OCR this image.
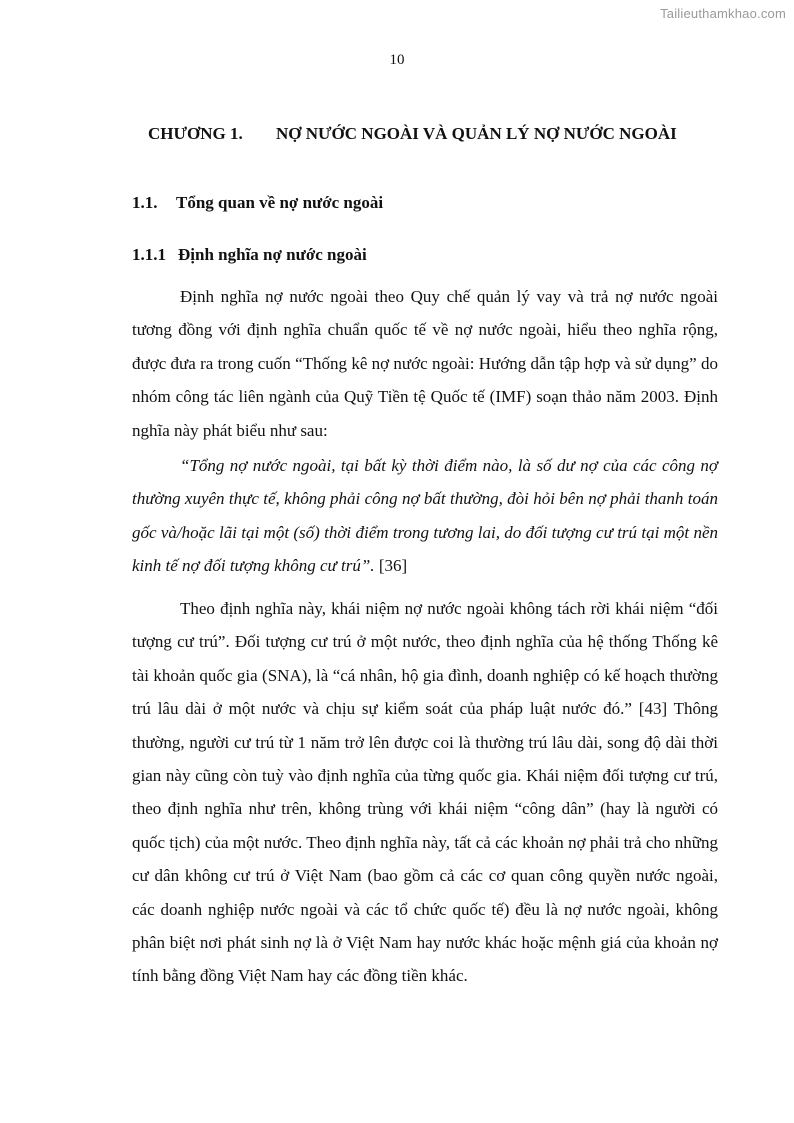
Tailieuthamkhao.com
10
CHƯƠNG 1. NỢ NƯỚC NGOÀI VÀ QUẢN LÝ NỢ NƯỚC NGOÀI
1.1. Tổng quan về nợ nước ngoài
1.1.1 Định nghĩa nợ nước ngoài

Định nghĩa nợ nước ngoài theo Quy chế quản lý vay và trả nợ nước ngoài tương đồng với định nghĩa chuẩn quốc tế về nợ nước ngoài, hiểu theo nghĩa rộng, được đưa ra trong cuốn “Thống kê nợ nước ngoài: Hướng dẫn tập hợp và sử dụng” do nhóm công tác liên ngành của Quỹ Tiền tệ Quốc tế (IMF) soạn thảo năm 2003. Định nghĩa này phát biểu như sau:

“Tổng nợ nước ngoài, tại bất kỳ thời điểm nào, là số dư nợ của các công nợ thường xuyên thực tế, không phải công nợ bất thường, đòi hỏi bên nợ phải thanh toán gốc và/hoặc lãi tại một (số) thời điểm trong tương lai, do đối tượng cư trú tại một nền kinh tế nợ đối tượng không cư trú”. [36]

Theo định nghĩa này, khái niệm nợ nước ngoài không tách rời khái niệm “đối tượng cư trú”. Đối tượng cư trú ở một nước, theo định nghĩa của hệ thống Thống kê tài khoản quốc gia (SNA), là “cá nhân, hộ gia đình, doanh nghiệp có kế hoạch thường trú lâu dài ở một nước và chịu sự kiểm soát của pháp luật nước đó.” [43] Thông thường, người cư trú từ 1 năm trở lên được coi là thường trú lâu dài, song độ dài thời gian này cũng còn tuỳ vào định nghĩa của từng quốc gia. Khái niệm đối tượng cư trú, theo định nghĩa như trên, không trùng với khái niệm “công dân” (hay là người có quốc tịch) của một nước. Theo định nghĩa này, tất cả các khoản nợ phải trả cho những cư dân không cư trú ở Việt Nam (bao gồm cả các cơ quan công quyền nước ngoài, các doanh nghiệp nước ngoài và các tổ chức quốc tế) đều là nợ nước ngoài, không phân biệt nơi phát sinh nợ là ở Việt Nam hay nước khác hoặc mệnh giá của khoản nợ tính bằng đồng Việt Nam hay các đồng tiền khác.
